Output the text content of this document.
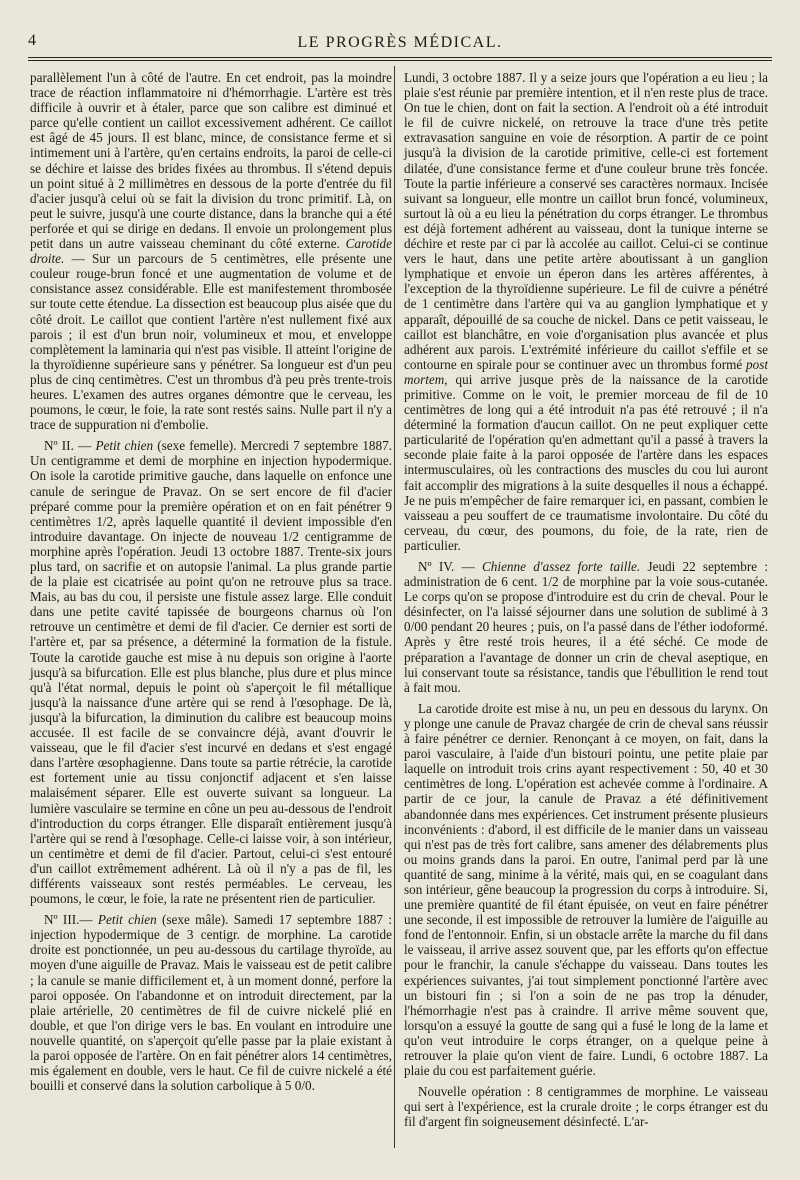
4	LE PROGRÈS MÉDICAL.

parallèlement l'un à côté de l'autre. En cet endroit, pas la moindre trace de réaction inflammatoire ni d'hémorrhagie. L'artère est très difficile à ouvrir et à étaler, parce que son calibre est diminué et parce qu'elle contient un caillot excessivement adhérent. Ce caillot est âgé de 45 jours. Il est blanc, mince, de consistance ferme et si intimement uni à l'artère, qu'en certains endroits, la paroi de celle-ci se déchire et laisse des brides fixées au thrombus. Il s'étend depuis un point situé à 2 millimètres en dessous de la porte d'entrée du fil d'acier jusqu'à celui où se fait la division du tronc primitif. Là, on peut le suivre, jusqu'à une courte distance, dans la branche qui a été perforée et qui se dirige en dedans. Il envoie un prolongement plus petit dans un autre vaisseau cheminant du côté externe. Carotide droite. — Sur un parcours de 5 centimètres, elle présente une couleur rouge-brun foncé et une augmentation de volume et de consistance assez considérable. Elle est manifestement thrombosée sur toute cette étendue. La dissection est beaucoup plus aisée que du côté droit. Le caillot que contient l'artère n'est nullement fixé aux parois ; il est d'un brun noir, volumineux et mou, et enveloppe complètement la laminaria qui n'est pas visible. Il atteint l'origine de la thyroïdienne supérieure sans y pénétrer. Sa longueur est d'un peu plus de cinq centimètres. C'est un thrombus d'à peu près trente-trois heures. L'examen des autres organes démontre que le cerveau, les poumons, le cœur, le foie, la rate sont restés sains. Nulle part il n'y a trace de suppuration ni d'embolie.

Nº II. — Petit chien (sexe femelle). Mercredi 7 septembre 1887. Un centigramme et demi de morphine en injection hypodermique. On isole la carotide primitive gauche, dans laquelle on enfonce une canule de seringue de Pravaz. On se sert encore de fil d'acier préparé comme pour la première opération et on en fait pénétrer 9 centimètres 1/2, après laquelle quantité il devient impossible d'en introduire davantage. On injecte de nouveau 1/2 centigramme de morphine après l'opération. Jeudi 13 octobre 1887. Trente-six jours plus tard, on sacrifie et on autopsie l'animal. La plus grande partie de la plaie est cicatrisée au point qu'on ne retrouve plus sa trace. Mais, au bas du cou, il persiste une fistule assez large. Elle conduit dans une petite cavité tapissée de bourgeons charnus où l'on retrouve un centimètre et demi de fil d'acier. Ce dernier est sorti de l'artère et, par sa présence, a déterminé la formation de la fistule. Toute la carotide gauche est mise à nu depuis son origine à l'aorte jusqu'à sa bifurcation. Elle est plus blanche, plus dure et plus mince qu'à l'état normal, depuis le point où s'aperçoit le fil métallique jusqu'à la naissance d'une artère qui se rend à l'œsophage. De là, jusqu'à la bifurcation, la diminution du calibre est beaucoup moins accusée. Il est facile de se convaincre déjà, avant d'ouvrir le vaisseau, que le fil d'acier s'est incurvé en dedans et s'est engagé dans l'artère œsophagienne. Dans toute sa partie rétrécie, la carotide est fortement unie au tissu conjonctif adjacent et s'en laisse malaisément séparer. Elle est ouverte suivant sa longueur. La lumière vasculaire se termine en cône un peu au-dessous de l'endroit d'introduction du corps étranger. Elle disparaît entièrement jusqu'à l'artère qui se rend à l'œsophage. Celle-ci laisse voir, à son intérieur, un centimètre et demi de fil d'acier. Partout, celui-ci s'est entouré d'un caillot extrêmement adhérent. Là où il n'y a pas de fil, les différents vaisseaux sont restés perméables. Le cerveau, les poumons, le cœur, le foie, la rate ne présentent rien de particulier.

Nº III.— Petit chien (sexe mâle). Samedi 17 septembre 1887 : injection hypodermique de 3 centigr. de morphine. La carotide droite est ponctionnée, un peu au-dessous du cartilage thyroïde, au moyen d'une aiguille de Pravaz. Mais le vaisseau est de petit calibre ; la canule se manie difficilement et, à un moment donné, perfore la paroi opposée. On l'abandonne et on introduit directement, par la plaie artérielle, 20 centimètres de fil de cuivre nickelé plié en double, et que l'on dirige vers le bas. En voulant en introduire une nouvelle quantité, on s'aperçoit qu'elle passe par la plaie existant à la paroi opposée de l'artère. On en fait pénétrer alors 14 centimètres, mis également en double, vers le haut. Ce fil de cuivre nickelé a été bouilli et conservé dans la solution carbolique à 5 0/0.

Lundi, 3 octobre 1887. Il y a seize jours que l'opération a eu lieu ; la plaie s'est réunie par première intention, et il n'en reste plus de trace. On tue le chien, dont on fait la section. A l'endroit où a été introduit le fil de cuivre nickelé, on retrouve la trace d'une très petite extravasation sanguine en voie de résorption. A partir de ce point jusqu'à la division de la carotide primitive, celle-ci est fortement dilatée, d'une consistance ferme et d'une couleur brune très foncée. Toute la partie inférieure a conservé ses caractères normaux. Incisée suivant sa longueur, elle montre un caillot brun foncé, volumineux, surtout là où a eu lieu la pénétration du corps étranger. Le thrombus est déjà fortement adhérent au vaisseau, dont la tunique interne se déchire et reste par ci par là accolée au caillot. Celui-ci se continue vers le haut, dans une petite artère aboutissant à un ganglion lymphatique et envoie un éperon dans les artères afférentes, à l'exception de la thyroïdienne supérieure. Le fil de cuivre a pénétré de 1 centimètre dans l'artère qui va au ganglion lymphatique et y apparaît, dépouillé de sa couche de nickel. Dans ce petit vaisseau, le caillot est blanchâtre, en voie d'organisation plus avancée et plus adhérent aux parois. L'extrémité inférieure du caillot s'effile et se contourne en spirale pour se continuer avec un thrombus formé post mortem, qui arrive jusque près de la naissance de la carotide primitive. Comme on le voit, le premier morceau de fil de 10 centimètres de long qui a été introduit n'a pas été retrouvé ; il n'a déterminé la formation d'aucun caillot. On ne peut expliquer cette particularité de l'opération qu'en admettant qu'il a passé à travers la seconde plaie faite à la paroi opposée de l'artère dans les espaces intermusculaires, où les contractions des muscles du cou lui auront fait accomplir des migrations à la suite desquelles il nous a échappé. Je ne puis m'empêcher de faire remarquer ici, en passant, combien le vaisseau a peu souffert de ce traumatisme involontaire. Du côté du cerveau, du cœur, des poumons, du foie, de la rate, rien de particulier.

Nº IV. — Chienne d'assez forte taille. Jeudi 22 septembre : administration de 6 cent. 1/2 de morphine par la voie sous-cutanée. Le corps qu'on se propose d'introduire est du crin de cheval. Pour le désinfecter, on l'a laissé séjourner dans une solution de sublimé à 3 0/00 pendant 20 heures ; puis, on l'a passé dans de l'éther iodoformé. Après y être resté trois heures, il a été séché. Ce mode de préparation a l'avantage de donner un crin de cheval aseptique, en lui conservant toute sa résistance, tandis que l'ébullition le rend tout à fait mou.

La carotide droite est mise à nu, un peu en dessous du larynx. On y plonge une canule de Pravaz chargée de crin de cheval sans réussir à faire pénétrer ce dernier. Renonçant à ce moyen, on fait, dans la paroi vasculaire, à l'aide d'un bistouri pointu, une petite plaie par laquelle on introduit trois crins ayant respectivement : 50, 40 et 30 centimètres de long. L'opération est achevée comme à l'ordinaire. A partir de ce jour, la canule de Pravaz a été définitivement abandonnée dans mes expériences. Cet instrument présente plusieurs inconvénients : d'abord, il est difficile de le manier dans un vaisseau qui n'est pas de très fort calibre, sans amener des délabrements plus ou moins grands dans la paroi. En outre, l'animal perd par là une quantité de sang, minime à la vérité, mais qui, en se coagulant dans son intérieur, gêne beaucoup la progression du corps à introduire. Si, une première quantité de fil étant épuisée, on veut en faire pénétrer une seconde, il est impossible de retrouver la lumière de l'aiguille au fond de l'entonnoir. Enfin, si un obstacle arrête la marche du fil dans le vaisseau, il arrive assez souvent que, par les efforts qu'on effectue pour le franchir, la canule s'échappe du vaisseau. Dans toutes les expériences suivantes, j'ai tout simplement ponctionné l'artère avec un bistouri fin ; si l'on a soin de ne pas trop la dénuder, l'hémorrhagie n'est pas à craindre. Il arrive même souvent que, lorsqu'on a essuyé la goutte de sang qui a fusé le long de la lame et qu'on veut introduire le corps étranger, on a quelque peine à retrouver la plaie qu'on vient de faire. Lundi, 6 octobre 1887. La plaie du cou est parfaitement guérie.

Nouvelle opération : 8 centigrammes de morphine. Le vaisseau qui sert à l'expérience, est la crurale droite ; le corps étranger est du fil d'argent fin soigneusement désinfecté. L'ar-
